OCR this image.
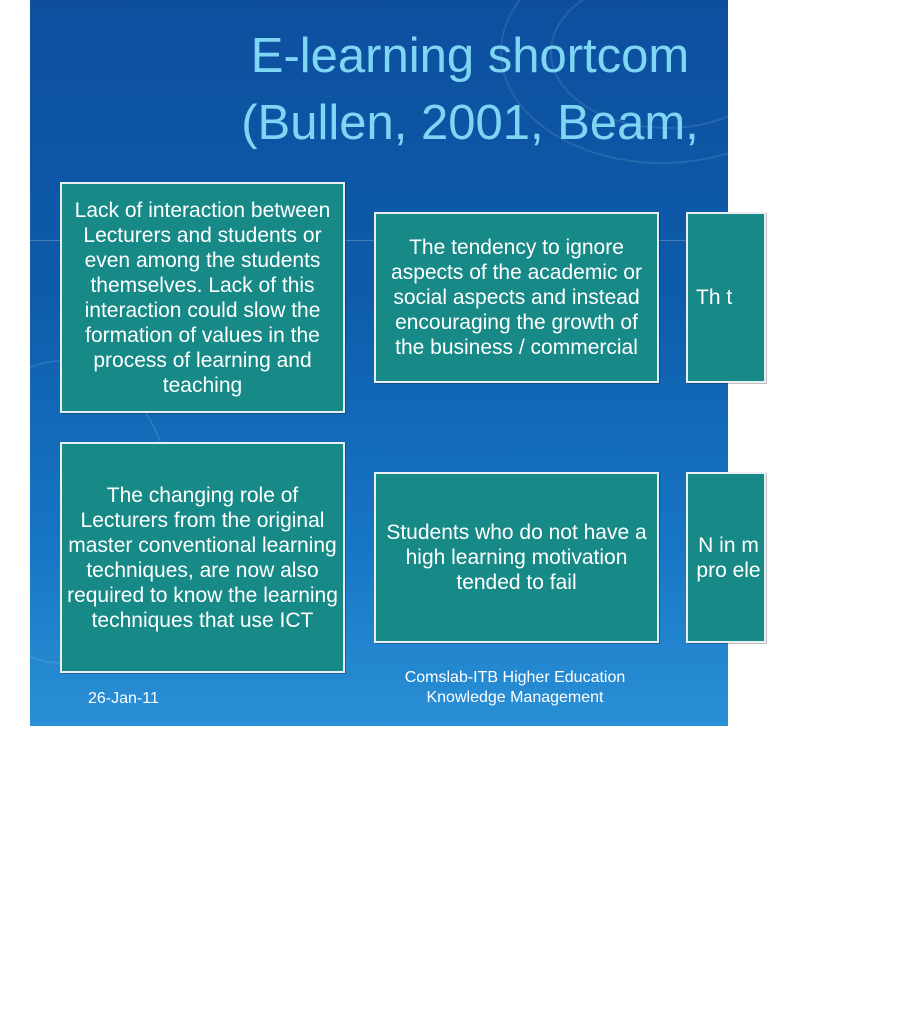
E-learning shortcom
(Bullen, 2001, Beam,
Lack of interaction between Lecturers and students or even among the students themselves. Lack of this interaction could slow the formation of values in the process of learning and teaching
The tendency to ignore aspects of the academic or social aspects and instead encouraging the growth of the business / commercial
Th t
The changing role of Lecturers from the original master conventional learning techniques, are now also required to know the learning techniques that use ICT
Students who do not have a high learning motivation tended to fail
N in m pro ele
26-Jan-11
Comslab-ITB Higher Education
Knowledge Management
